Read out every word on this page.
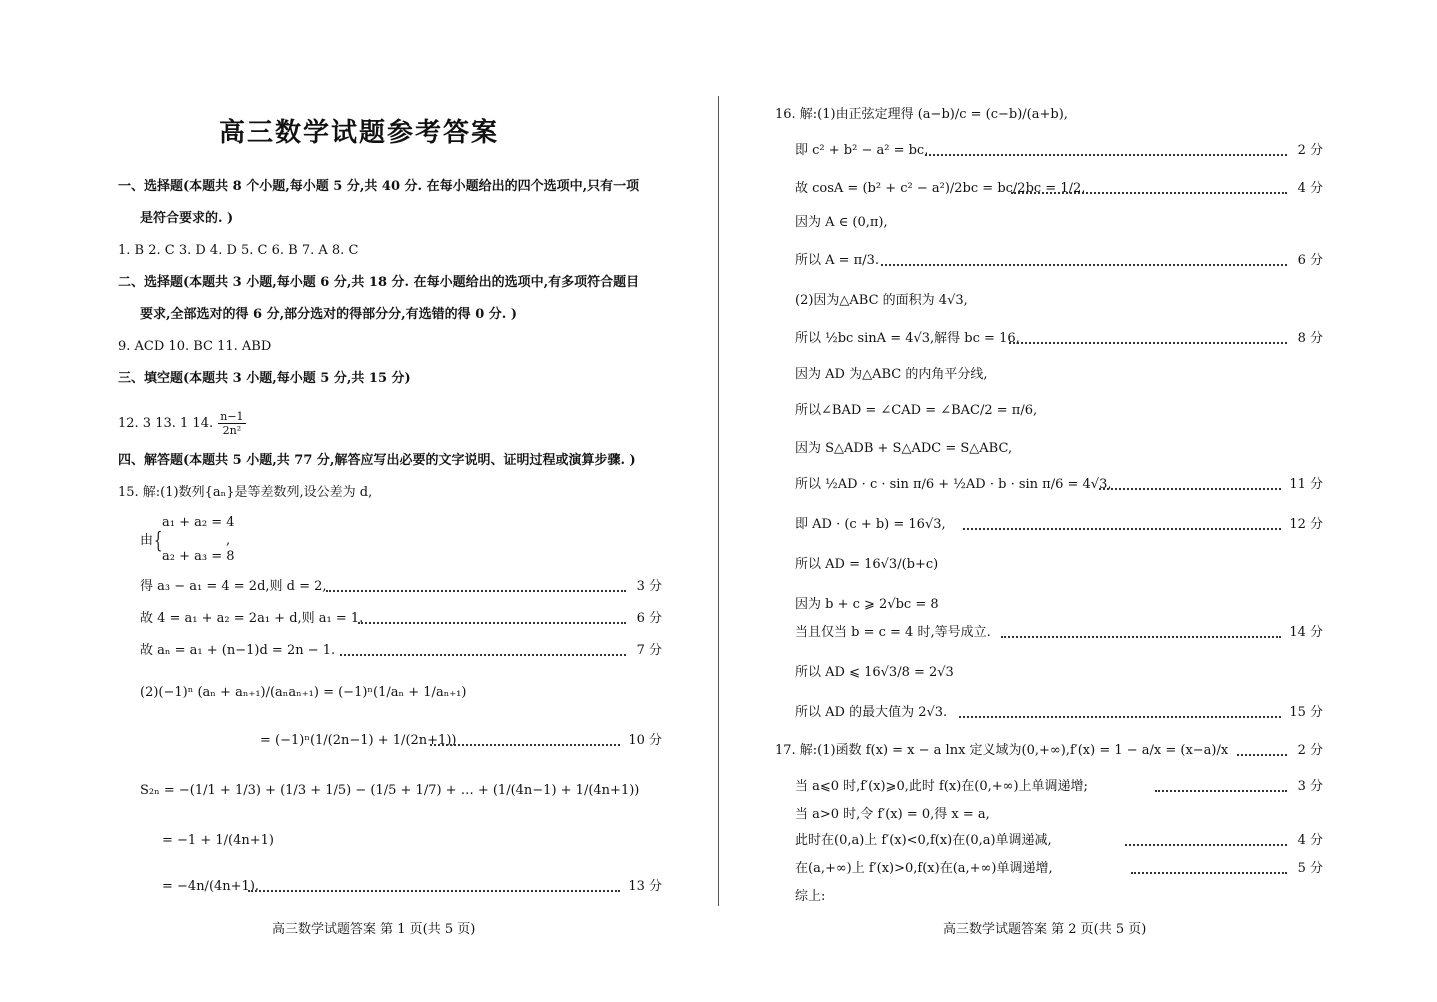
高三数学试题参考答案
一、选择题(本题共 8 个小题,每小题 5 分,共 40 分. 在每小题给出的四个选项中,只有一项
是符合要求的. )
1. B 2. C 3. D 4. D 5. C 6. B 7. A 8. C
二、选择题(本题共 3 小题,每小题 6 分,共 18 分. 在每小题给出的选项中,有多项符合题目
要求,全部选对的得 6 分,部分选对的得部分分,有选错的得 0 分. )
9. ACD 10. BC 11. ABD
三、填空题(本题共 3 小题,每小题 5 分,共 15 分)
12. 3 13. 1 14. $\frac{n-1}{\text{2n²}}$
四、解答题(本题共 5 小题,共 77 分,解答应写出必要的文字说明、证明过程或演算步骤. )
15. 解:(1)数列{aₙ}是等差数列,设公差为 d,
由 {
a₁ + a₂ = 4
a₂ + a₃ = 8
,
得 a₃ − a₁ = 4 = 2d,则 d = 2,	3 分
故 4 = a₁ + a₂ = 2a₁ + d,则 a₁ = 1.	6 分
故 aₙ = a₁ + (n−1)d = 2n − 1.	7 分
(2)(−1)ⁿ (aₙ + aₙ₊₁)/(aₙaₙ₊₁) = (−1)ⁿ(1/aₙ + 1/aₙ₊₁)
= (−1)ⁿ(1/(2n−1) + 1/(2n+1))	10 分
S₂ₙ = −(1/1 + 1/3) + (1/3 + 1/5) − (1/5 + 1/7) + … + (1/(4n−1) + 1/(4n+1))
= −1 + 1/(4n+1)
= −4n/(4n+1).	13 分
高三数学试题答案 第 1 页(共 5 页)
16. 解:(1)由正弦定理得 (a−b)/c = (c−b)/(a+b),
即 c² + b² − a² = bc,	2 分
故 cosA = (b² + c² − a²)/2bc = bc/2bc = 1/2,	4 分
因为 A ∈ (0,π),
所以 A = π/3.	6 分
(2)因为△ABC 的面积为 4√3,
所以 ½bc sinA = 4√3,解得 bc = 16,	8 分
因为 AD 为△ABC 的内角平分线,
所以∠BAD = ∠CAD = ∠BAC/2 = π/6,
因为 S△ADB + S△ADC = S△ABC,
所以 ½AD · c · sin π/6 + ½AD · b · sin π/6 = 4√3,	11 分
即 AD · (c + b) = 16√3,	12 分
所以 AD = 16√3/(b+c)
因为 b + c ⩾ 2√bc = 8
当且仅当 b = c = 4 时,等号成立.	14 分
所以 AD ⩽ 16√3/8 = 2√3
所以 AD 的最大值为 2√3.	15 分
17. 解:(1)函数 f(x) = x − a lnx 定义域为(0,+∞),f′(x) = 1 − a/x = (x−a)/x	2 分
当 a⩽0 时,f′(x)⩾0,此时 f(x)在(0,+∞)上单调递增;	3 分
当 a>0 时,令 f′(x) = 0,得 x = a,
此时在(0,a)上 f′(x)<0,f(x)在(0,a)单调递减,	4 分
在(a,+∞)上 f′(x)>0,f(x)在(a,+∞)单调递增,	5 分
综上:
高三数学试题答案 第 2 页(共 5 页)
